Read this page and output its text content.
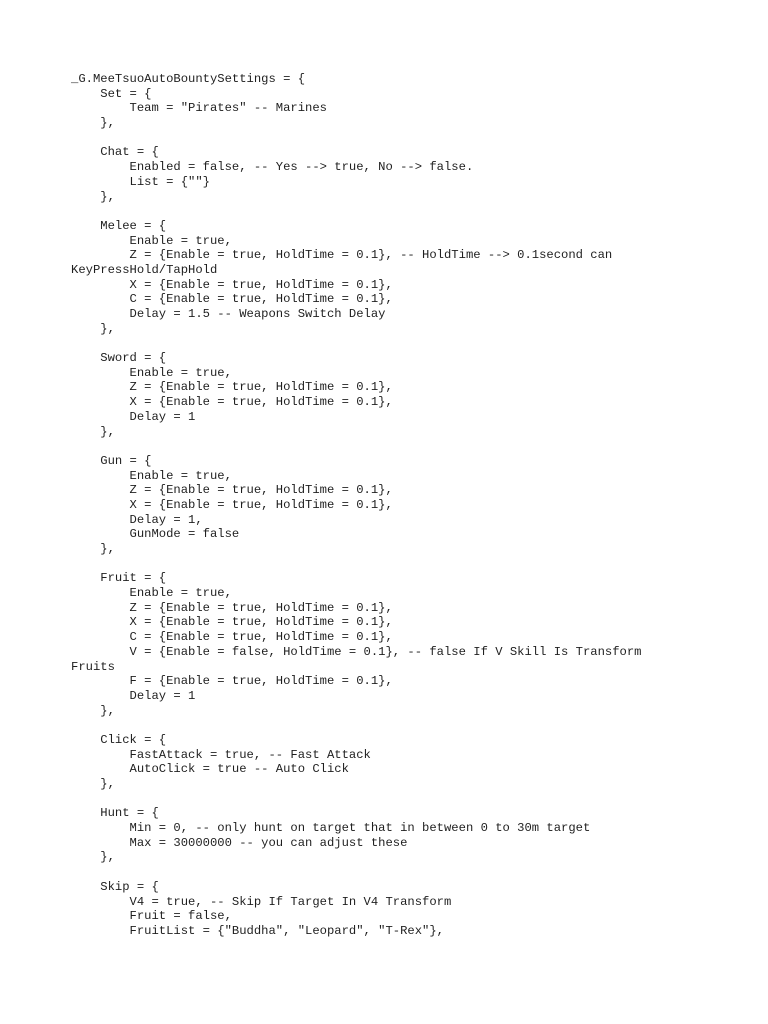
_G.MeeTsuoAutoBountySettings = {
Set = {
Team = "Pirates" -- Marines
},
Chat = {
Enabled = false, -- Yes --> true, No --> false.
List = {""}
},
Melee = {
Enable = true,
Z = {Enable = true, HoldTime = 0.1}, -- HoldTime --> 0.1second can
KeyPressHold/TapHold
X = {Enable = true, HoldTime = 0.1},
C = {Enable = true, HoldTime = 0.1},
Delay = 1.5 -- Weapons Switch Delay
},
Sword = {
Enable = true,
Z = {Enable = true, HoldTime = 0.1},
X = {Enable = true, HoldTime = 0.1},
Delay = 1
},
Gun = {
Enable = true,
Z = {Enable = true, HoldTime = 0.1},
X = {Enable = true, HoldTime = 0.1},
Delay = 1,
GunMode = false
},
Fruit = {
Enable = true,
Z = {Enable = true, HoldTime = 0.1},
X = {Enable = true, HoldTime = 0.1},
C = {Enable = true, HoldTime = 0.1},
V = {Enable = false, HoldTime = 0.1}, -- false If V Skill Is Transform
Fruits
F = {Enable = true, HoldTime = 0.1},
Delay = 1
},
Click = {
FastAttack = true, -- Fast Attack
AutoClick = true -- Auto Click
},
Hunt = {
Min = 0, -- only hunt on target that in between 0 to 30m target
Max = 30000000 -- you can adjust these
},
Skip = {
V4 = true, -- Skip If Target In V4 Transform
Fruit = false,
FruitList = {"Buddha", "Leopard", "T-Rex"},
